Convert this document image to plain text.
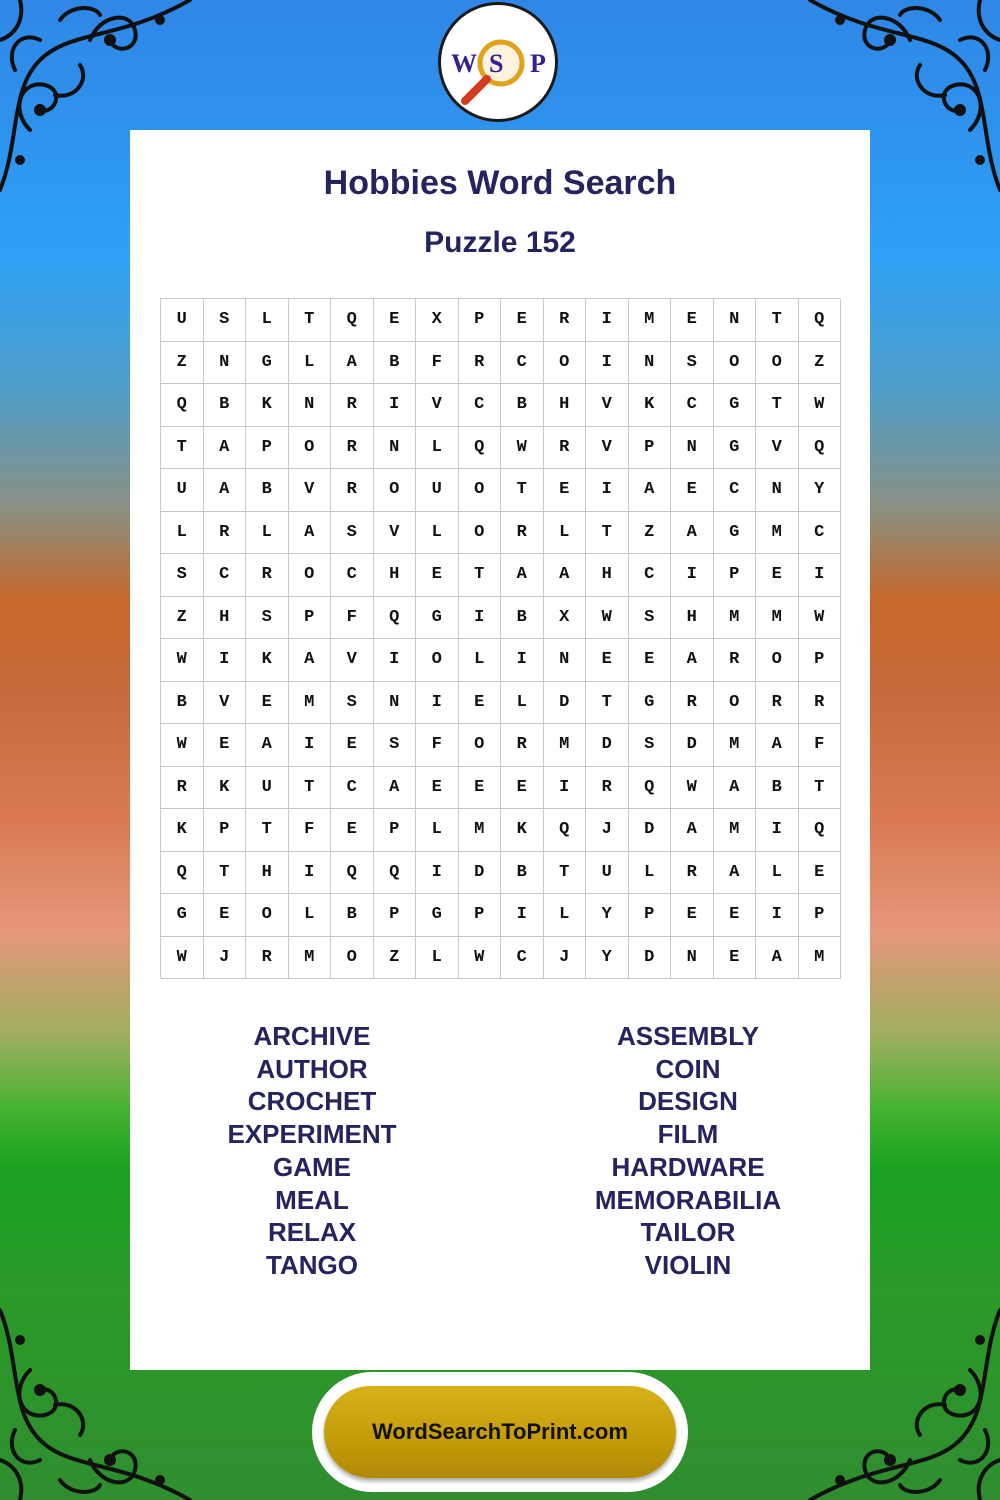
W S P
Hobbies Word Search
Puzzle 152
U	S	L	T	Q	E	X	P	E	R	I	M	E	N	T	Q
Z	N	G	L	A	B	F	R	C	O	I	N	S	O	O	Z
Q	B	K	N	R	I	V	C	B	H	V	K	C	G	T	W
T	A	P	O	R	N	L	Q	W	R	V	P	N	G	V	Q
U	A	B	V	R	O	U	O	T	E	I	A	E	C	N	Y
L	R	L	A	S	V	L	O	R	L	T	Z	A	G	M	C
S	C	R	O	C	H	E	T	A	A	H	C	I	P	E	I
Z	H	S	P	F	Q	G	I	B	X	W	S	H	M	M	W
W	I	K	A	V	I	O	L	I	N	E	E	A	R	O	P
B	V	E	M	S	N	I	E	L	D	T	G	R	O	R	R
W	E	A	I	E	S	F	O	R	M	D	S	D	M	A	F
R	K	U	T	C	A	E	E	E	I	R	Q	W	A	B	T
K	P	T	F	E	P	L	M	K	Q	J	D	A	M	I	Q
Q	T	H	I	Q	Q	I	D	B	T	U	L	R	A	L	E
G	E	O	L	B	P	G	P	I	L	Y	P	E	E	I	P
W	J	R	M	O	Z	L	W	C	J	Y	D	N	E	A	M
ARCHIVE
AUTHOR
CROCHET
EXPERIMENT
GAME
MEAL
RELAX
TANGO
ASSEMBLY
COIN
DESIGN
FILM
HARDWARE
MEMORABILIA
TAILOR
VIOLIN
WordSearchToPrint.com
